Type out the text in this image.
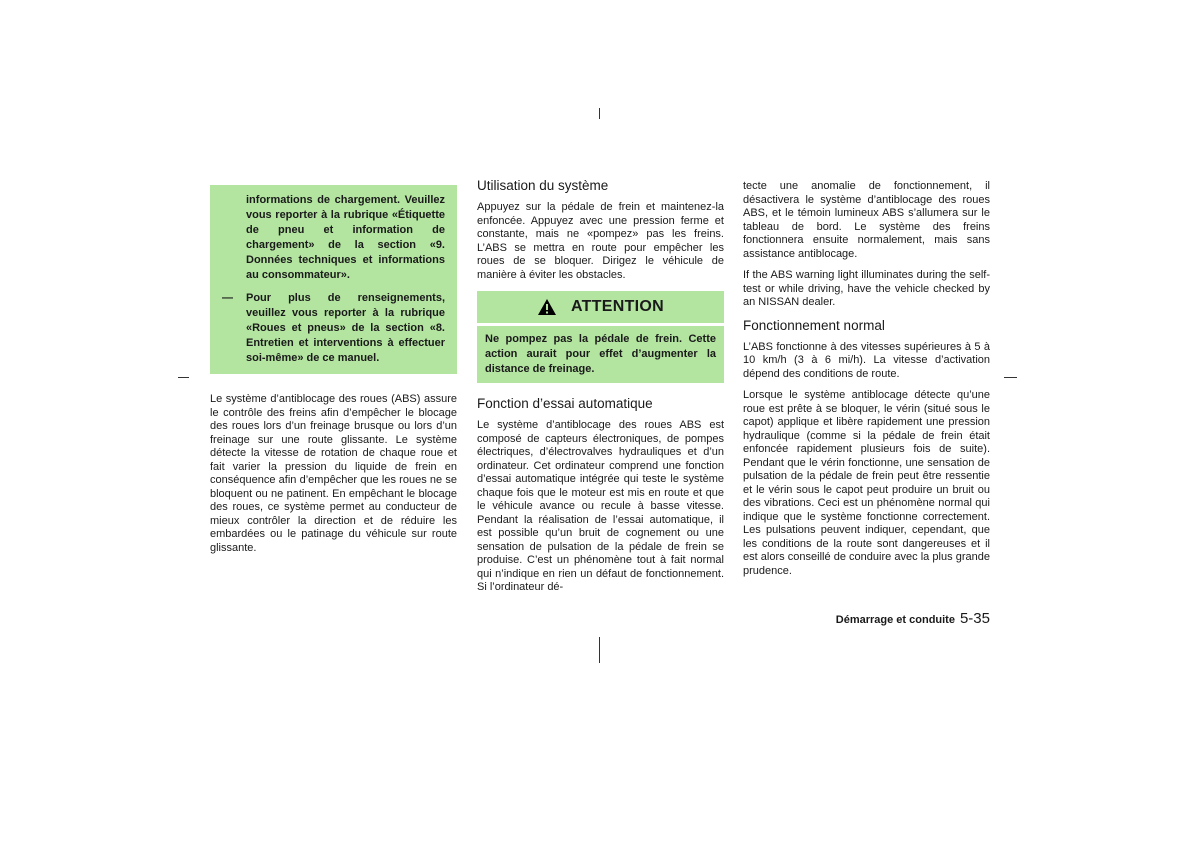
informations de chargement. Veuillez vous reporter à la rubrique «Étiquette de pneu et information de chargement» de la section «9. Données techniques et informations au consommateur».
—	Pour plus de renseignements, veuillez vous reporter à la rubrique «Roues et pneus» de la section «8. Entretien et interventions à effectuer soi-même» de ce manuel.

Le système d’antiblocage des roues (ABS) assure le contrôle des freins afin d’empêcher le blocage des roues lors d’un freinage brusque ou lors d’un freinage sur une route glissante. Le système détecte la vitesse de rotation de chaque roue et fait varier la pression du liquide de frein en conséquence afin d’empêcher que les roues ne se bloquent ou ne patinent. En empêchant le blocage des roues, ce système permet au conducteur de mieux contrôler la direction et de réduire les embardées ou le patinage du véhicule sur route glissante.

Utilisation du système

Appuyez sur la pédale de frein et maintenez-la enfoncée. Appuyez avec une pression ferme et constante, mais ne «pompez» pas les freins. L’ABS se mettra en route pour empêcher les roues de se bloquer. Dirigez le véhicule de manière à éviter les obstacles.

ATTENTION
Ne pompez pas la pédale de frein. Cette action aurait pour effet d’augmenter la distance de freinage.
Fonction d’essai automatique

Le système d’antiblocage des roues ABS est composé de capteurs électroniques, de pompes électriques, d’électrovalves hydrauliques et d’un ordinateur. Cet ordinateur comprend une fonction d’essai automatique intégrée qui teste le système chaque fois que le moteur est mis en route et que le véhicule avance ou recule à basse vitesse. Pendant la réalisation de l’essai automatique, il est possible qu’un bruit de cognement ou une sensation de pulsation de la pédale de frein se produise. C’est un phénomène tout à fait normal qui n’indique en rien un défaut de fonctionnement. Si l’ordinateur dé-

tecte une anomalie de fonctionnement, il désactivera le système d’antiblocage des roues ABS, et le témoin lumineux ABS s’allumera sur le tableau de bord. Le système des freins fonctionnera ensuite normalement, mais sans assistance antiblocage.

If the ABS warning light illuminates during the self-test or while driving, have the vehicle checked by an NISSAN dealer.

Fonctionnement normal

L’ABS fonctionne à des vitesses supérieures à 5 à 10 km/h (3 à 6 mi/h). La vitesse d’activation dépend des conditions de route.

Lorsque le système antiblocage détecte qu’une roue est prête à se bloquer, le vérin (situé sous le capot) applique et libère rapidement une pression hydraulique (comme si la pédale de frein était enfoncée rapidement plusieurs fois de suite). Pendant que le vérin fonctionne, une sensation de pulsation de la pédale de frein peut être ressentie et le vérin sous le capot peut produire un bruit ou des vibrations. Ceci est un phénomène normal qui indique que le système fonctionne correctement. Les pulsations peuvent indiquer, cependant, que les conditions de la route sont dangereuses et il est alors conseillé de conduire avec la plus grande prudence.

Démarrage et conduite 5-35
